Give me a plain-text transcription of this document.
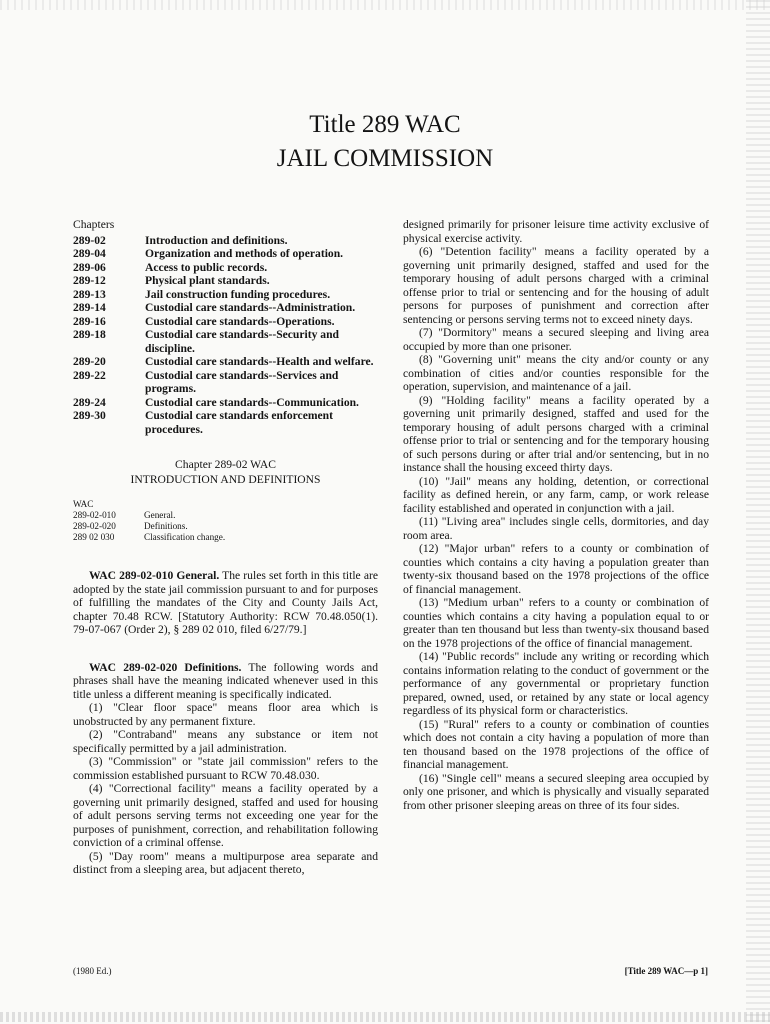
Title 289 WAC
JAIL COMMISSION
Chapters
289-02	Introduction and definitions.
289-04	Organization and methods of operation.
289-06	Access to public records.
289-12	Physical plant standards.
289-13	Jail construction funding procedures.
289-14	Custodial care standards--Administration.
289-16	Custodial care standards--Operations.
289-18	Custodial care standards--Security and discipline.
289-20	Custodial care standards--Health and welfare.
289-22	Custodial care standards--Services and programs.
289-24	Custodial care standards--Communication.
289-30	Custodial care standards enforcement procedures.
Chapter 289-02 WAC
INTRODUCTION AND DEFINITIONS
WAC
289-02-010	General.
289-02-020	Definitions.
289 02 030	Classification change.

WAC 289-02-010 General. The rules set forth in this title are adopted by the state jail commission pursuant to and for purposes of fulfilling the mandates of the City and County Jails Act, chapter 70.48 RCW. [Statutory Authority: RCW 70.48.050(1). 79-07-067 (Order 2), § 289 02 010, filed 6/27/79.]

WAC 289-02-020 Definitions. The following words and phrases shall have the meaning indicated whenever used in this title unless a different meaning is specifically indicated.

(1) "Clear floor space" means floor area which is unobstructed by any permanent fixture.

(2) "Contraband" means any substance or item not specifically permitted by a jail administration.

(3) "Commission" or "state jail commission" refers to the commission established pursuant to RCW 70.48.030.

(4) "Correctional facility" means a facility operated by a governing unit primarily designed, staffed and used for housing of adult persons serving terms not exceeding one year for the purposes of punishment, correction, and rehabilitation following conviction of a criminal offense.

(5) "Day room" means a multipurpose area separate and distinct from a sleeping area, but adjacent thereto,

designed primarily for prisoner leisure time activity exclusive of physical exercise activity.

(6) "Detention facility" means a facility operated by a governing unit primarily designed, staffed and used for the temporary housing of adult persons charged with a criminal offense prior to trial or sentencing and for the housing of adult persons for purposes of punishment and correction after sentencing or persons serving terms not to exceed ninety days.

(7) "Dormitory" means a secured sleeping and living area occupied by more than one prisoner.

(8) "Governing unit" means the city and/or county or any combination of cities and/or counties responsible for the operation, supervision, and maintenance of a jail.

(9) "Holding facility" means a facility operated by a governing unit primarily designed, staffed and used for the temporary housing of adult persons charged with a criminal offense prior to trial or sentencing and for the temporary housing of such persons during or after trial and/or sentencing, but in no instance shall the housing exceed thirty days.

(10) "Jail" means any holding, detention, or correctional facility as defined herein, or any farm, camp, or work release facility established and operated in conjunction with a jail.

(11) "Living area" includes single cells, dormitories, and day room area.

(12) "Major urban" refers to a county or combination of counties which contains a city having a population greater than twenty-six thousand based on the 1978 projections of the office of financial management.

(13) "Medium urban" refers to a county or combination of counties which contains a city having a population equal to or greater than ten thousand but less than twenty-six thousand based on the 1978 projections of the office of financial management.

(14) "Public records" include any writing or recording which contains information relating to the conduct of government or the performance of any governmental or proprietary function prepared, owned, used, or retained by any state or local agency regardless of its physical form or characteristics.

(15) "Rural" refers to a county or combination of counties which does not contain a city having a population of more than ten thousand based on the 1978 projections of the office of financial management.

(16) "Single cell" means a secured sleeping area occupied by only one prisoner, and which is physically and visually separated from other prisoner sleeping areas on three of its four sides.

(1980 Ed.)	[Title 289 WAC—p 1]
